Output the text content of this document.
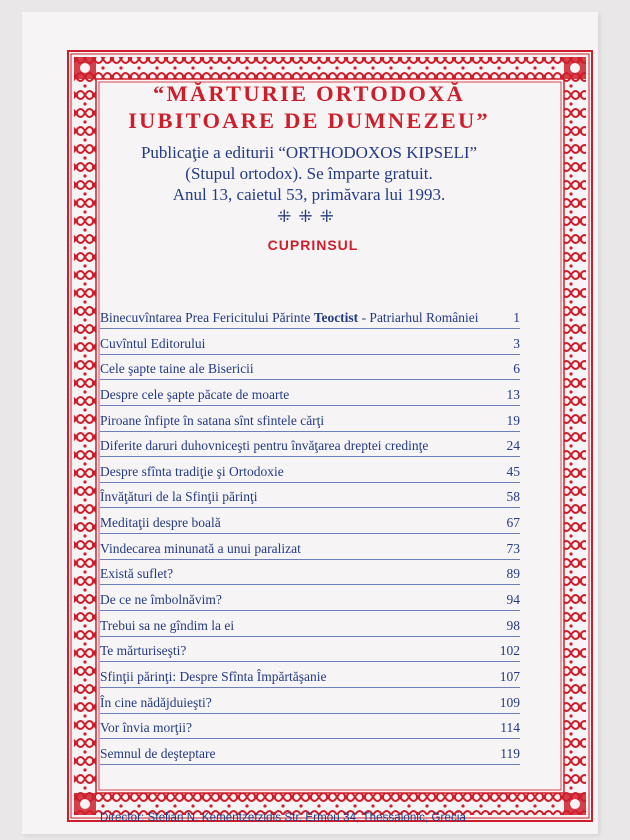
“MĂRTURIE ORTODOXĂ
IUBITOARE DE DUMNEZEU”
Publicaţie a editurii “ORTHODOXOS KIPSELI”
(Stupul ortodox). Se împarte gratuit.
Anul 13, caietul 53, primăvara lui 1993.
⁜⁜⁜
CUPRINSUL
Binecuvîntarea Prea Fericitului Părinte Teoctist - Patriarhul României	1
Cuvîntul Editorului	3
Cele şapte taine ale Bisericii	6
Despre cele şapte păcate de moarte	13
Piroane înfipte în satana sînt sfintele cărţi	19
Diferite daruri duhovniceşti pentru învăţarea dreptei credinţe	24
Despre sfînta tradiţie şi Ortodoxie	45
Învăţături de la Sfinţii părinţi	58
Meditaţii despre boală	67
Vindecarea minunată a unui paralizat	73
Există suflet?	89
De ce ne îmbolnăvim?	94
Trebui sa ne gîndim la ei	98
Te mărturiseşti?	102
Sfinţii părinţi: Despre Sfînta Împărtăşanie	107
În cine nădăjduieşti?	109
Vor învia morţii?	114
Semnul de deşteptare	119
Director: Stelian N. Kementzetzidis Str. Ermou 34, Thessalonic, Grecia
